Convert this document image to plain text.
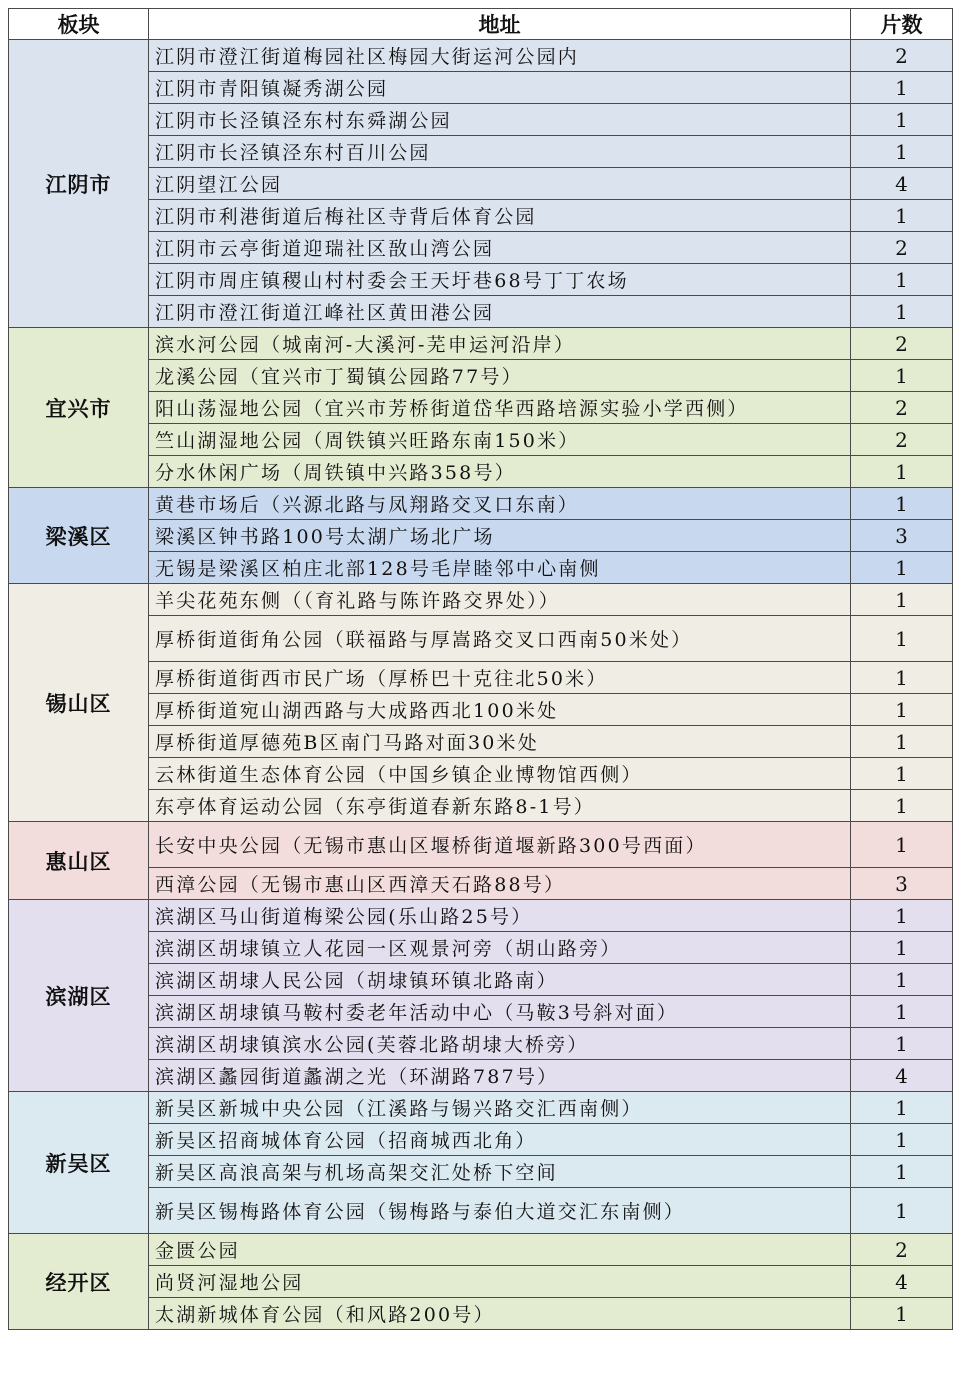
板块	地址	片数
江阴市	江阴市澄江街道梅园社区梅园大街运河公园内	2
	江阴市青阳镇凝秀湖公园	1
	江阴市长泾镇泾东村东舜湖公园	1
	江阴市长泾镇泾东村百川公园	1
	江阴望江公园	4
	江阴市利港街道后梅社区寺背后体育公园	1
	江阴市云亭街道迎瑞社区敔山湾公园	2
	江阴市周庄镇稷山村村委会王天圩巷68号丁丁农场	1
	江阴市澄江街道江峰社区黄田港公园	1
宜兴市	滨水河公园（城南河-大溪河-芜申运河沿岸）	2
	龙溪公园（宜兴市丁蜀镇公园路77号）	1
	阳山荡湿地公园（宜兴市芳桥街道岱华西路培源实验小学西侧）	2
	竺山湖湿地公园（周铁镇兴旺路东南150米）	2
	分水休闲广场（周铁镇中兴路358号）	1
梁溪区	黄巷市场后（兴源北路与凤翔路交叉口东南）	1
	梁溪区钟书路100号太湖广场北广场	3
	无锡是梁溪区柏庄北部128号毛岸睦邻中心南侧	1
锡山区	羊尖花苑东侧（（育礼路与陈许路交界处））	1
	厚桥街道街角公园（联福路与厚嵩路交叉口西南50米处）	1
	厚桥街道街西市民广场（厚桥巴十克往北50米）	1
	厚桥街道宛山湖西路与大成路西北100米处	1
	厚桥街道厚德苑B区南门马路对面30米处	1
	云林街道生态体育公园（中国乡镇企业博物馆西侧）	1
	东亭体育运动公园（东亭街道春新东路8-1号）	1
惠山区	长安中央公园（无锡市惠山区堰桥街道堰新路300号西面）	1
	西漳公园（无锡市惠山区西漳天石路88号）	3
滨湖区	滨湖区马山街道梅梁公园(乐山路25号）	1
	滨湖区胡埭镇立人花园一区观景河旁（胡山路旁）	1
	滨湖区胡埭人民公园（胡埭镇环镇北路南）	1
	滨湖区胡埭镇马鞍村委老年活动中心（马鞍3号斜对面）	1
	滨湖区胡埭镇滨水公园(芙蓉北路胡埭大桥旁）	1
	滨湖区蠡园街道蠡湖之光（环湖路787号）	4
新吴区	新吴区新城中央公园（江溪路与锡兴路交汇西南侧）	1
	新吴区招商城体育公园（招商城西北角）	1
	新吴区高浪高架与机场高架交汇处桥下空间	1
	新吴区锡梅路体育公园（锡梅路与泰伯大道交汇东南侧）	1
经开区	金匮公园	2
	尚贤河湿地公园	4
	太湖新城体育公园（和风路200号）	1
